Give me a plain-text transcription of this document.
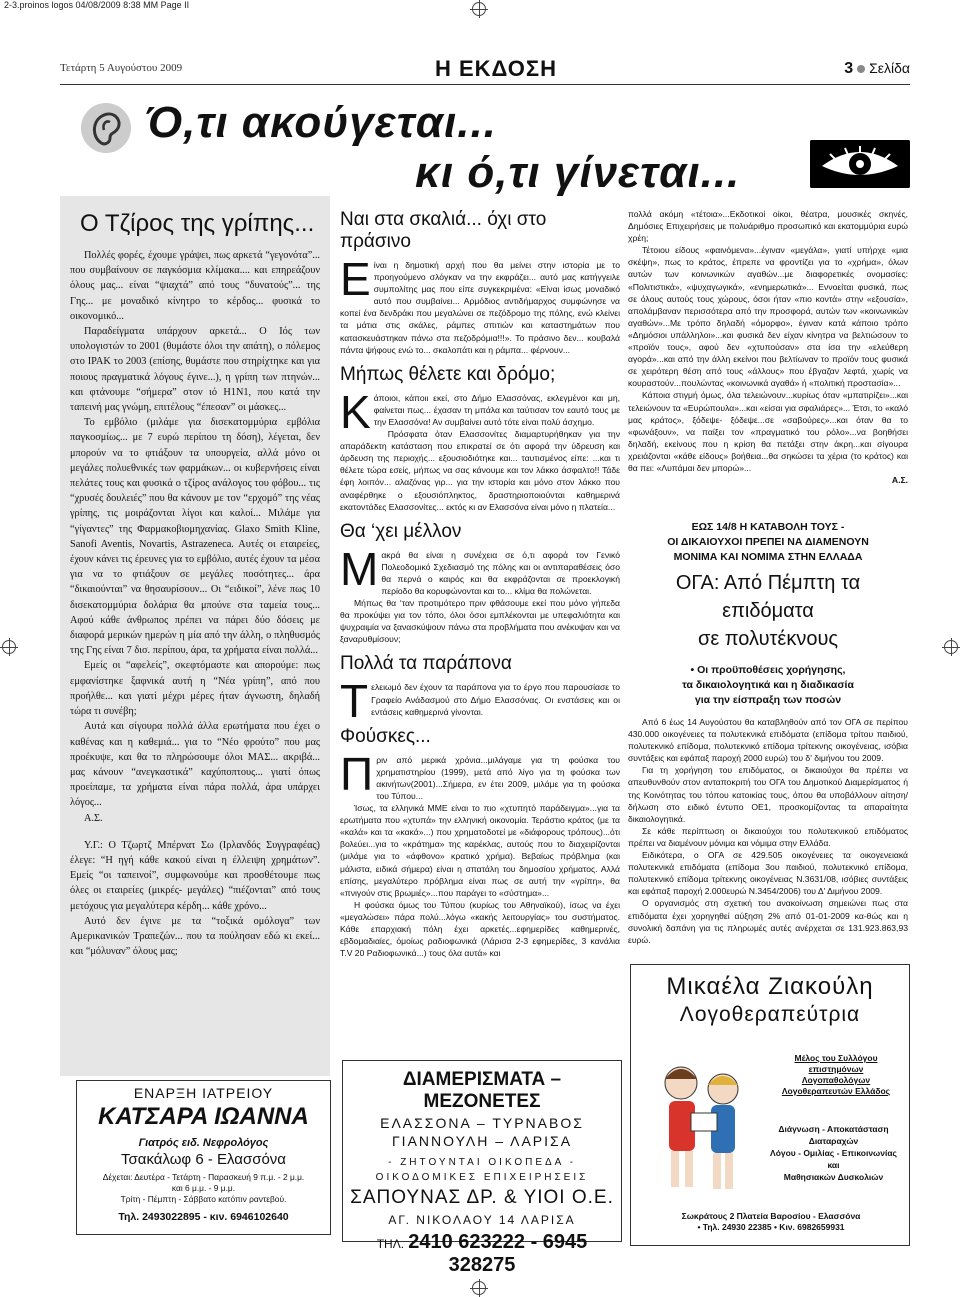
2-3.proinos logos 04/08/2009 8:38 MM Page II
Τετάρτη 5 Αυγούστου 2009	Η ΕΚΔΟΣΗ	3 Σελίδα
Ό,τι ακούγεται...
κι ό,τι γίνεται...
Ο Τζίρος της γρίπης...

Πολλές φορές, έχουμε γράψει, πως αρκετά “γεγονότα”... που συμβαίνουν σε παγκόσμια κλίμακα.... και επηρεάζουν όλους μας... είναι “ψιαχτά” από τους “δυνατούς”... της Γης... με μοναδικό κίνητρο το κέρδος... φυσικά το οικονομικό...

Παραδείγματα υπάρχουν αρκετά... Ο Ιός των υπολογιστών το 2001 (θυμάστε όλοι την απάτη), ο πόλεμος στο ΙΡΑΚ το 2003 (επίσης, θυμάστε που στηρίχτηκε και για ποιους πραγματικά λόγους έγινε...), η γρίπη των πτηνών... και φτάνουμε “σήμερα” στον ιό Η1Ν1, που κατά την ταπεινή μας γνώμη, επιτέλους “έπεσαν” οι μάσκες...

Το εμβόλιο (μιλάμε για δισεκατομμύρια εμβόλια παγκοσμίως... με 7 ευρώ περίπου τη δόση), λέγεται, δεν μπορούν να το φτιάξουν τα υπουργεία, αλλά μόνο οι μεγάλες πολυεθνικές των φαρμάκων... οι κυβερνήσεις είναι πελάτες τους και φυσικά ο τζίρος ανάλογος του φόβου... τις “χρυσές δουλειές” που θα κάνουν με τον “ερχομό” της νέας γρίπης, τις μοιράζονται λίγοι και καλοί... Μιλάμε για “γίγαντες” της Φαρμακοβιομηχανίας. Glaxo Smith Kline, Sanofi Aventis, Novartis, Astrazeneca. Αυτές οι εταιρείες, έχουν κάνει τις έρευνες για το εμβόλιο, αυτές έχουν τα μέσα για να το φτιάξουν σε μεγάλες ποσότητες... άρα “δικαιούνται” να θησαυρίσουν... Οι “ειδικοί”, λένε πως 10 δισεκατομμύρια δολάρια θα μπούνε στα ταμεία τους... Αφού κάθε άνθρωπος πρέπει να πάρει δύο δόσεις με διαφορά μερικών ημερών η μία από την άλλη, ο πληθυσμός της Γης είναι 7 δισ. περίπου, άρα, τα χρήματα είναι πολλά...

Εμείς οι “αφελείς”, σκεφτόμαστε και απορούμε: πως εμφανίστηκε ξαφνικά αυτή η “Νέα γρίπη”, από που προήλθε... και γιατί μέχρι μέρες ήταν άγνωστη, δηλαδή τώρα τι συνέβη;

Αυτά και σίγουρα πολλά άλλα ερωτήματα που έχει ο καθένας και η καθεμιά... για το “Νέο φρούτο” που μας προέκυψε, και θα το πληρώσουμε όλοι ΜΑΣ... ακριβά... μας κάνουν “ανεγκαστικά” καχύποπτους... γιατί όπως προείπαμε, τα χρήματα είναι πάρα πολλά, άρα υπάρχει λόγος...

Α.Σ.

Υ.Γ.: Ο Τζωρτζ Μπέρνατ Σω (Ιρλανδός Συγγραφέας) έλεγε: “Η ηγή κάθε κακού είναι η έλλειψη χρημάτων”. Εμείς “οι ταπεινοί”, συμφωνούμε και προσθέτουμε πως όλες οι εταιρείες (μικρές- μεγάλες) “πιέζονται” από τους μετόχους για μεγαλύτερα κέρδη... κάθε χρόνο...

Αυτό δεν έγινε με τα “τοξικά ομόλογα” των Αμερικανικών Τραπεζών... που τα πούλησαν εδώ κι εκεί... και “μόλυναν” όλους μας;

Ναι στα σκαλιά... όχι στο πράσινο

Είναι η δημοτική αρχή που θα μείνει στην ιστορία με το προηγούμενο σλόγκαν να την εκφράζει... αυτό μας κατήγγειλε συμπολίτης μας που είπε συγκεκριμένα: «Είναι ίσως μοναδικό αυτό που συμβαίνει... Αρμόδιος αντιδήμαρχος συμφώνησε να κοπεί ένα δενδράκι που μεγαλώνει σε πεζόδρομο της πόλης, ενώ κλείνει τα μάτια στις σκάλες, ράμπες σπιτιών και καταστημάτων που κατασκευάστηκαν πάνω στα πεζοδρόμια!!!». Το πράσινο δεν... κουβαλά πάντα ψήφους ενώ το... σκαλοπάτι και η ράμπα... φέρνουν...

Μήπως θέλετε και δρόμο;

Κάποιοι, κάποιι εκεί, στο Δήμο Ελασσόνας, εκλεγμένοι και μη, φαίνεται πως... έχασαν τη μπάλα και ταύτισαν τον εαυτό τους με την Ελασσόνα! Αν συμβαίνει αυτό τότε είναι πολύ άσχημο.

Πρόσφατα όταν Ελασσονίτες διαμαρτυρήθηκαν για την απαράδεκτη κατάσταση που επικρατεί σε ότι αφορά την ύδρευση και άρδευση της περιοχής... εξουσιοδιότηκε και... ταυτισμένος είπε: ...και τι θέλετε τώρα εσείς, μήπως να σας κάνουμε και τον λάκκο άσφαλτο!! Τάδε έφη λοιπόν... αλαζόνας γιρ... για την ιστορία και μόνο στον λάκκο που αναφέρθηκε ο εξουσιόπληκτος, δραστηριοποιούνται καθημερινά εκατοντάδες Ελασσονίτες... εκτός κι αν Ελασσόνα είναι μόνο η πλατεία...

Θα ‘χει μέλλον

Μακρά θα είναι η συνέχεια σε ό,τι αφορά τον Γενικό Πολεοδομικό Σχεδιασμό της πόλης και οι αντιπαραθέσεις όσο θα περνά ο καιρός και θα εκφράζονται σε προεκλογική περίοδο θα κορυφώνονται και το... κλίμα θα πολώνεται.

Μήπως θα ‘ταν προτιμότερο πριν φθάσουμε εκεί που μόνο γήπεδα θα προκύψει για τον τόπο, όλοι όσοι εμπλέκονται με υπεφαλιότητα και ψυχραιμία να ξανασκύψουν πάνω στα προβλήματα που ανέκυψαν και να ξαναρυθμίσουν;

Πολλά τα παράπονα

Τελειωμό δεν έχουν τα παράπονα για το έργο που παρουσίασε το Γραφείο Ανάδασμού στο Δήμο Ελασσόνας. Οι ενστάσεις και οι εντάσεις καθημερινά γίνονται.

Φούσκες...

Πριν από μερικά χρόνια...μιλάγαμε για τη φούσκα του χρηματιστηρίου (1999), μετά από λίγο για τη φούσκα των ακινήτων(2001)...Σήμερα, εν έτει 2009, μιλάμε για τη φούσκα του Τύπου...

Ίσως, τα ελληνικά ΜΜΕ είναι το πιο «χτυπητό παράδειγμα»...για τα ερωτήματα που «χτυπά» την ελληνική οικονομία. Τεράστιο κράτος (με τα «καλά» και τα «κακά»...) που χρηματοδοτεί με «διάφορους τρόπους)...ότι βολεύει...για το «κράτημα» της καρέκλας, αυτούς που το διαχειρίζονται (μιλάμε για το «άφθονο» κρατικό χρήμα). Βεβαίως πρόβλημα (και μάλιστα, ειδικά σήμερα) είναι η σπατάλη του δημοσίου χρήματος. Αλλά επίσης, μεγαλύτερο πρόβλημα είναι πως σε αυτή την «γρίπη», θα «πνιγούν στις βρωμιές»...που παράγει το «σύστημα»...

Η φούσκα όμως του Τύπου (κυρίως του Αθηναϊκού), ίσως να έχει «μεγαλώσει» πάρα πολύ...λόγω «κακής λειτουργίας» του συστήματος. Κάθε επαρχιακή πόλη έχει αρκετές...εφημερίδες καθημερινές, εβδομαδιαίες, όμοίως ραδιοφωνικά (Λάρισα 2-3 εφημερίδες, 3 κανάλια Τ.V 20 Ραδιοφωνικά...) τους όλα αυτά» και

πολλά ακόμη «τέτοια»...Εκδοτικοί οίκοι, θέατρα, μουσικές σκηνές, Δημόσιες Επιχειρήσεις με πολυάριθμο προσωπικό και εκατομμύρια ευρώ χρέη;

Τέτοιου είδους «φαινόμενα»...έγιναν «μεγάλα», γιατί υπήρχε «μια σκέψη», πως το κράτος, έπρεπε να φροντίζει για το «χρήμα», όλων αυτών των κοινωνικών αγαθών...με διαφορετικές ονομασίες: «Πολιτιστικά», «ψυχαγωγικά», «ενημερωτικά»... Εννοείται φυσικά, πως σε όλους αυτούς τους χώρους, όσοι ήταν «πιο κοντά» στην «εξουσία», απολάμβαναν περισσότερα από την προσφορά, αυτών των «κοινωνικών αγαθών»...Με τρόπο δηλαδή «όμορφο», έγιναν κατά κάποιο τρόπο «Δημόσιοι υπάλληλοι»...και φυσικά δεν είχαν κίνητρα να βελτιώσουν το «προϊόν τους», αφού δεν «χτυπούσαν» στα ίσα την «ελεύθερη αγορά»...και από την άλλη εκείνοι που βελτίωναν το προϊόν τους φυσικά σε χειρότερη θέση από τους «άλλους» που έβγαζαν λεφτά, χωρίς να κουραστούν...πουλώντας «κοινωνικά αγαθά» ή «πολιτική προστασία»...

Κάποια στιγμή όμως, όλα τελειώνουν...κυρίως όταν «μπατιρίζει»...και τελειώνουν τα «Ευρώπουλα»...και «είσαι για σφαλιάρες»... Έτσι, το «καλό μας κράτος», ξόδεψε- ξόδεψε...σε «σαβούρες»...και όταν θα το «φωνάξουν», να παίξει τον «πραγματικό του ρόλο»...να βοηθήσει δηλαδή, εκείνους που η κρίση θα πετάξει στην άκρη...και σίγουρα χρειάζονται «κάθε είδους» βοήθεια...θα σηκώσει τα χέρια (το κράτος) και θα πει: «Λυπάμαι δεν μπορώ»...

Α.Σ.

ΕΩΣ 14/8 Η ΚΑΤΑΒΟΛΗ ΤΟΥΣ -
ΟΙ ΔΙΚΑΙΟΥΧΟΙ ΠΡΕΠΕΙ ΝΑ ΔΙΑΜΕΝΟΥΝ
ΜΟΝΙΜΑ ΚΑΙ ΝΟΜΙΜΑ ΣΤΗΝ ΕΛΛΑΔΑ
ΟΓΑ: Από Πέμπτη τα επιδόματα
σε πολυτέκνους
• Οι προϋποθέσεις χορήγησης,
τα δικαιολογητικά και η διαδικασία
για την είσπραξη των ποσών

Από 6 έως 14 Αυγούστου θα καταβληθούν από τον ΟΓΑ σε περίπου 430.000 οικογένειες τα πολυτεκνικά επιδόματα (επίδομα τρίτου παιδιού, πολυτεκνικό επίδομα, πολυτεκνικό επίδομα τρίτεκνης οικογένειας, ισόβια συντάξεις και εφάπαξ παροχή 2000 ευρώ) του δ' διμήνου του 2009.

Για τη χορήγηση του επιδόματος, οι δικαιούχοι θα πρέπει να απευθυνθούν στον ανταποκριτή του ΟΓΑ του Δημοτικού Διαμερίσματος ή της Κοινότητας του τόπου κατοικίας τους, όπου θα υποβάλλουν αίτηση/δήλωση στο ειδικό έντυπο ΟΕ1, προσκομίζοντας τα απαραίτητα δικαιολογητικά.

Σε κάθε περίπτωση οι δικαιούχοι του πολυτεκνικού επιδόματος πρέπει να διαμένουν μόνιμα και νόμιμα στην Ελλάδα.

Ειδικότερα, ο ΟΓΑ σε 429.505 οικογένειες τα οικογενειακά πολυτεκνικά επιδόματα (επίδομα 3ου παιδιού, πολυτεκνικό επίδομα, πολυτεκνικό επίδομα τρίτεκνης οικογένειας Ν.3631/08, ισόβιες συντάξεις και εφάπαξ παροχή 2.000ευρώ Ν.3454/2006) του Δ' Διμήνου 2009.

Ο οργανισμός στη σχετική του ανακοίνωση σημειώνει πως στα επιδόματα έχει χορηγηθεί αύξηση 2% από 01-01-2009 κα-θώς και η συνολική δαπάνη για τις πληρωμές αυτές ανέρχεται σε 131.923.863,93 ευρώ.

ΕΝΑΡΞΗ ΙΑΤΡΕΙΟΥ
ΚΑΤΣΑΡΑ ΙΩΑΝΝΑ
Γιατρός ειδ. Νεφρολόγος
Τσακάλωφ 6 - Ελασσόνα
Δέχεται: Δευτέρα - Τετάρτη - Παρασκευή 9 π.μ. - 2 μ.μ.
και 6 μ.μ. - 9 μ.μ.
Τρίτη - Πέμπτη - Σάββατο κατόπιν ραντεβού.
Τηλ. 2493022895 - κιν. 6946102640
ΔΙΑΜΕΡΙΣΜΑΤΑ – ΜΕΖΟΝΕΤΕΣ
ΕΛΑΣΣΟΝΑ – ΤΥΡΝΑΒΟΣ
ΓΙΑΝΝΟΥΛΗ – ΛΑΡΙΣΑ
- ΖΗΤΟΥΝΤΑΙ ΟΙΚΟΠΕΔΑ -
ΟΙΚΟΔΟΜΙΚΕΣ ΕΠΙΧΕΙΡΗΣΕΙΣ
ΣΑΠΟΥΝΑΣ ΔΡ. & ΥΙΟΙ Ο.Ε.
ΑΓ. ΝΙΚΟΛΑΟΥ 14 ΛΑΡΙΣΑ
ΤΗΛ. 2410 623222 - 6945 328275
Μικαέλα Ζιακούλη
Λογοθεραπεύτρια
Μέλος του Συλλόγου
επιστημόνων
Λογοπαθολόγων
Λογοθεραπευτών Ελλάδος
Διάγνωση - Αποκατάσταση
Διαταραχών
Λόγου - Ομιλίας - Επικοινωνίας
και
Μαθησιακών Δυσκολιών
Σωκράτους 2 Πλατεία Βαρoσίου - Ελασσόνα
• Τηλ. 24930 22385 • Κιν. 6982659931
